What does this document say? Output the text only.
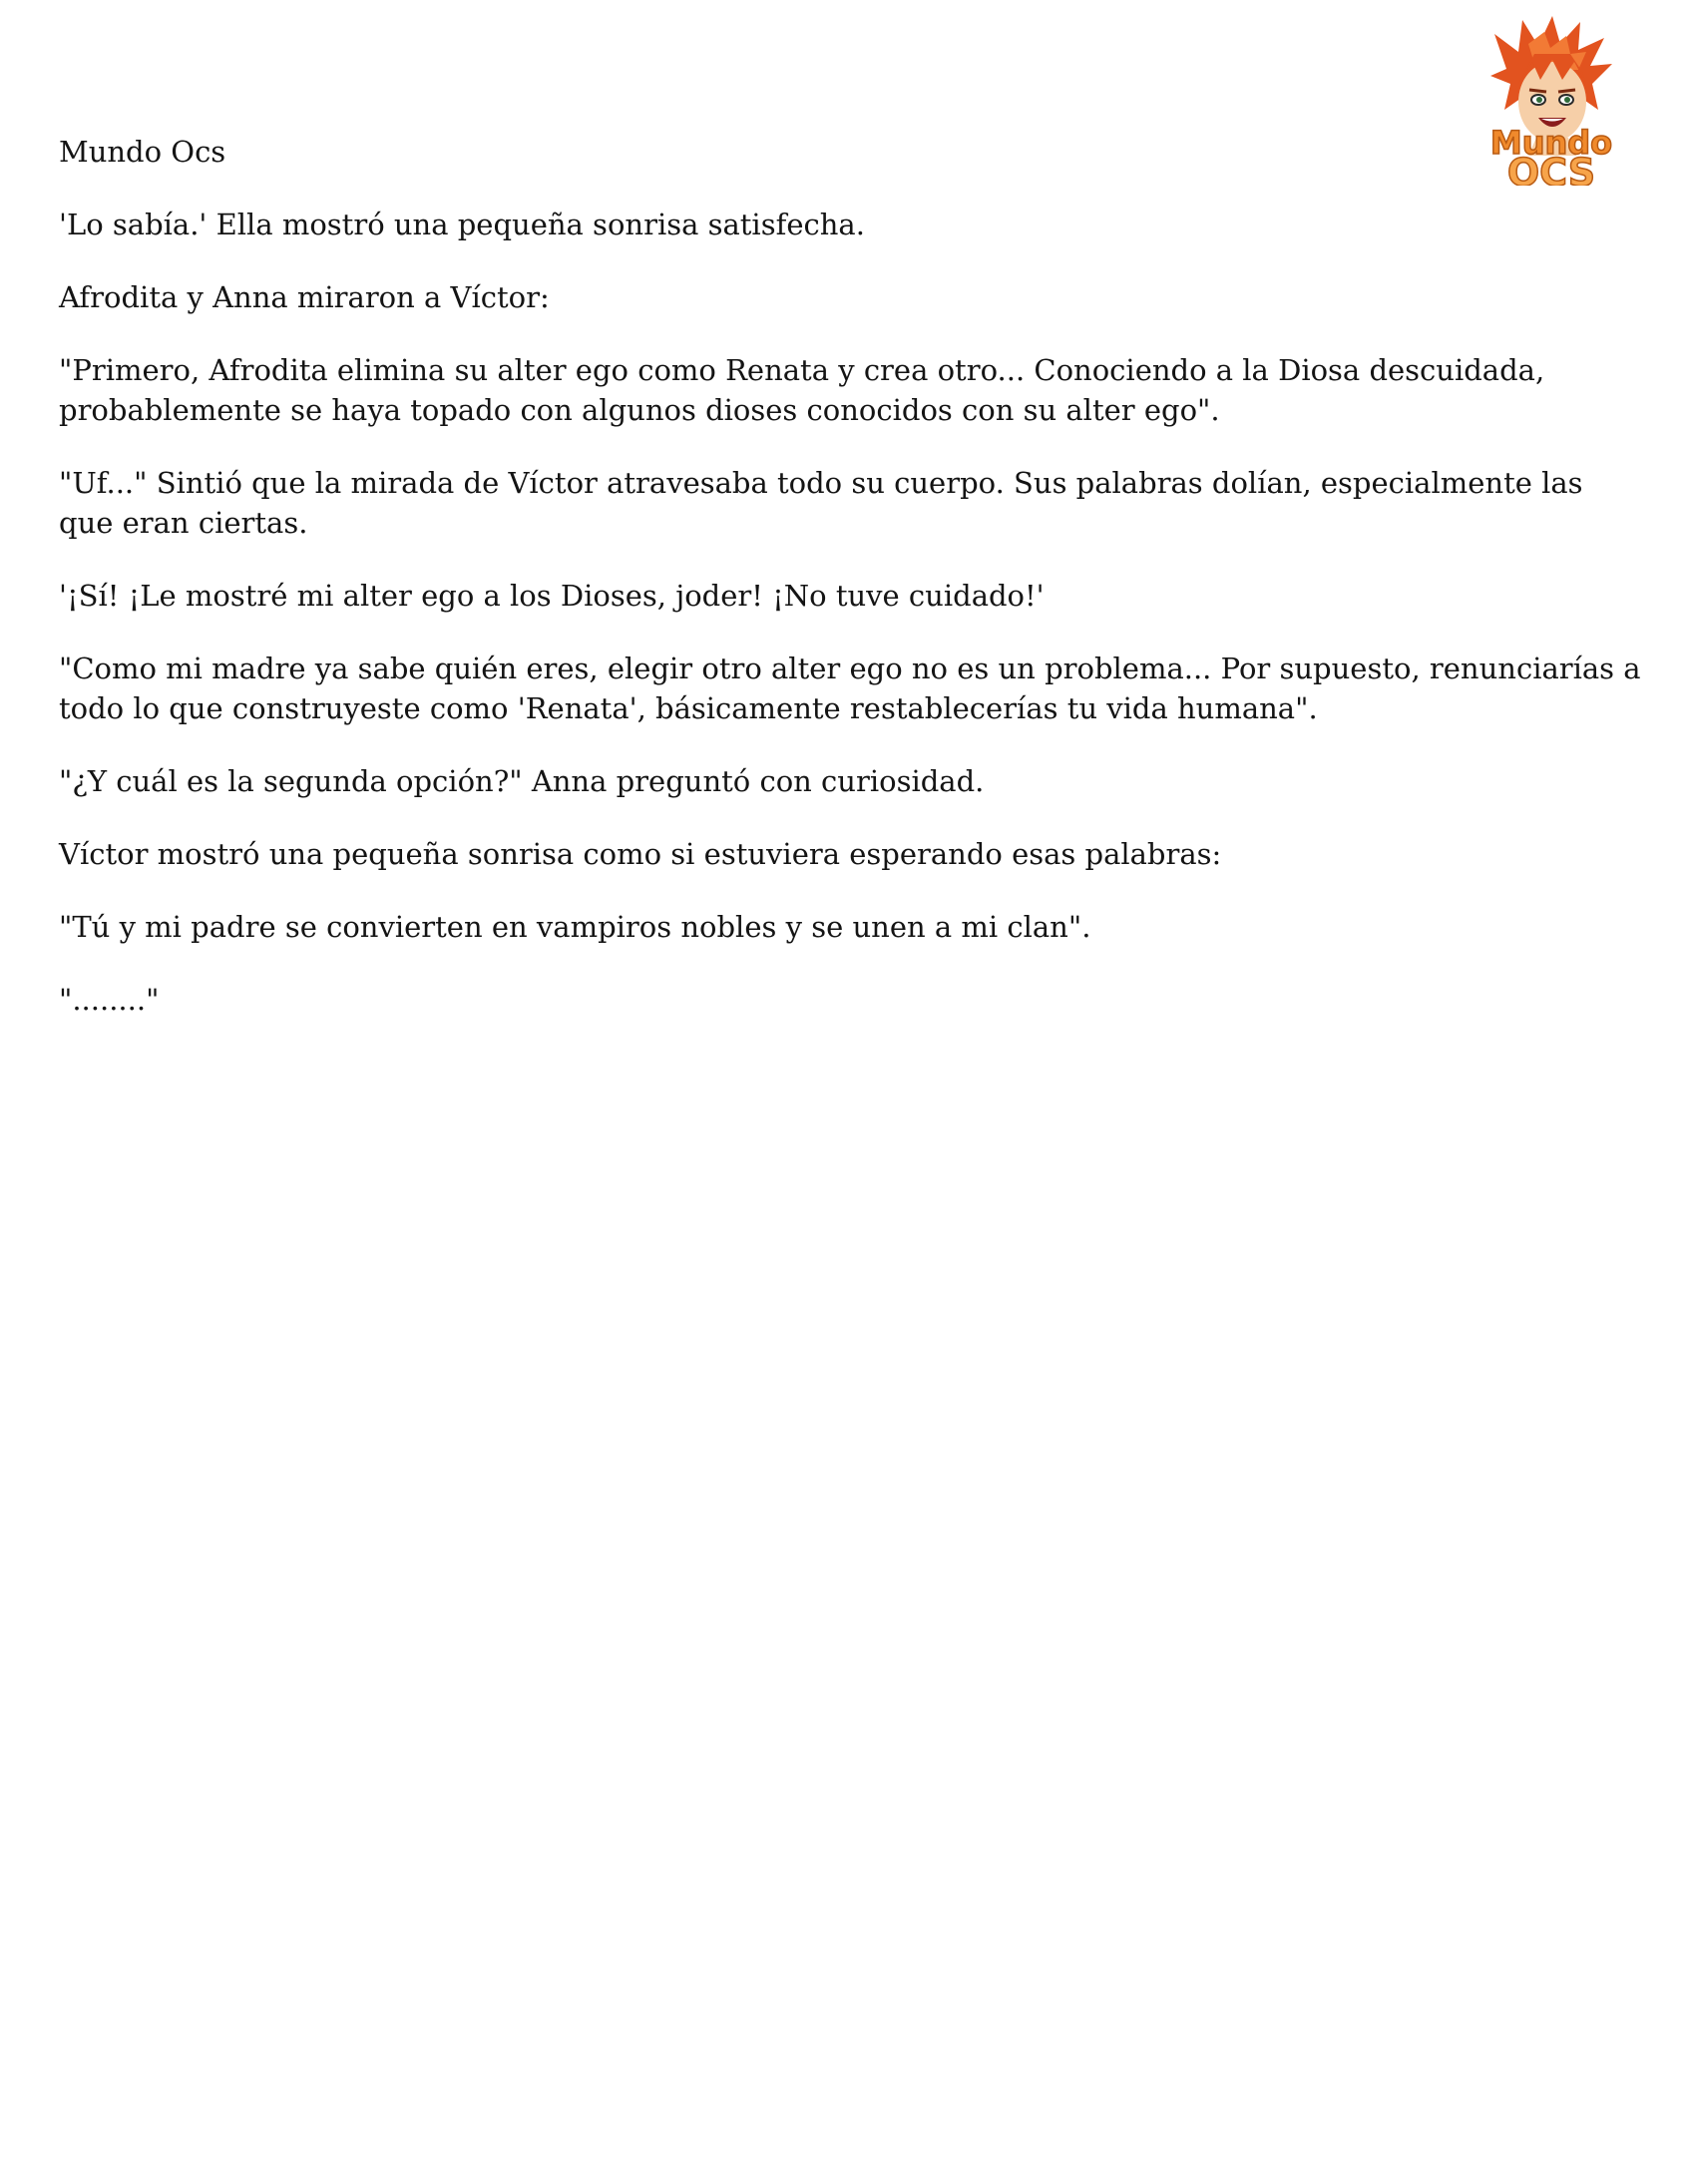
Mundo
OCS

Mundo Ocs

'Lo sabía.' Ella mostró una pequeña sonrisa satisfecha.

Afrodita y Anna miraron a Víctor:

"Primero, Afrodita elimina su alter ego como Renata y crea otro... Conociendo a la Diosa descuidada, probablemente se haya topado con algunos dioses conocidos con su alter ego".

"Uf..." Sintió que la mirada de Víctor atravesaba todo su cuerpo. Sus palabras dolían, especialmente las que eran ciertas.

'¡Sí! ¡Le mostré mi alter ego a los Dioses, joder! ¡No tuve cuidado!'

"Como mi madre ya sabe quién eres, elegir otro alter ego no es un problema... Por supuesto, renunciarías a todo lo que construyeste como 'Renata', básicamente restablecerías tu vida humana".

"¿Y cuál es la segunda opción?" Anna preguntó con curiosidad.

Víctor mostró una pequeña sonrisa como si estuviera esperando esas palabras:

"Tú y mi padre se convierten en vampiros nobles y se unen a mi clan".

"........"
